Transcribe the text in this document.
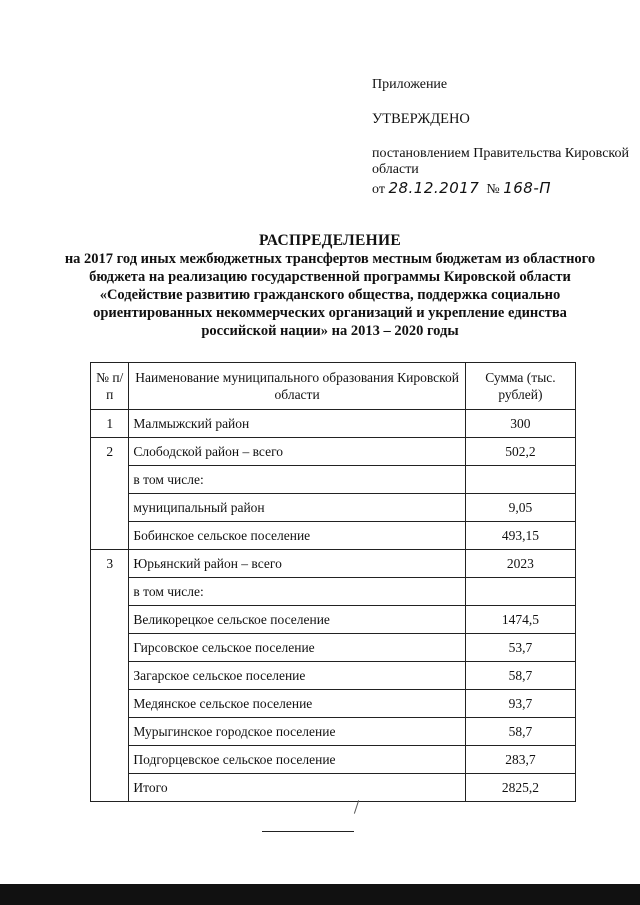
Приложение
УТВЕРЖДЕНО
постановлением Правительства Кировской области
от 28.12.2017 № 168-П
РАСПРЕДЕЛЕНИЕ
на 2017 год иных межбюджетных трансфертов местным бюджетам из областного бюджета на реализацию государственной программы Кировской области «Содействие развитию гражданского общества, поддержка социально ориентированных некоммерческих организаций и укрепление единства российской нации» на 2013 – 2020 годы
№ п/п	Наименование муниципального образования Кировской области	Сумма (тыс. рублей)
1	Малмыжский район	300
2	Слободской район – всего	502,2
	в том числе:	
	муниципальный район	9,05
	Бобинское сельское поселение	493,15
3	Юрьянский район – всего	2023
	в том числе:	
	Великорецкое сельское поселение	1474,5
	Гирсовское сельское поселение	53,7
	Загарское сельское поселение	58,7
	Медянское сельское поселение	93,7
	Мурыгинское городское поселение	58,7
	Подгорцевское сельское поселение	283,7
	Итого	2825,2
